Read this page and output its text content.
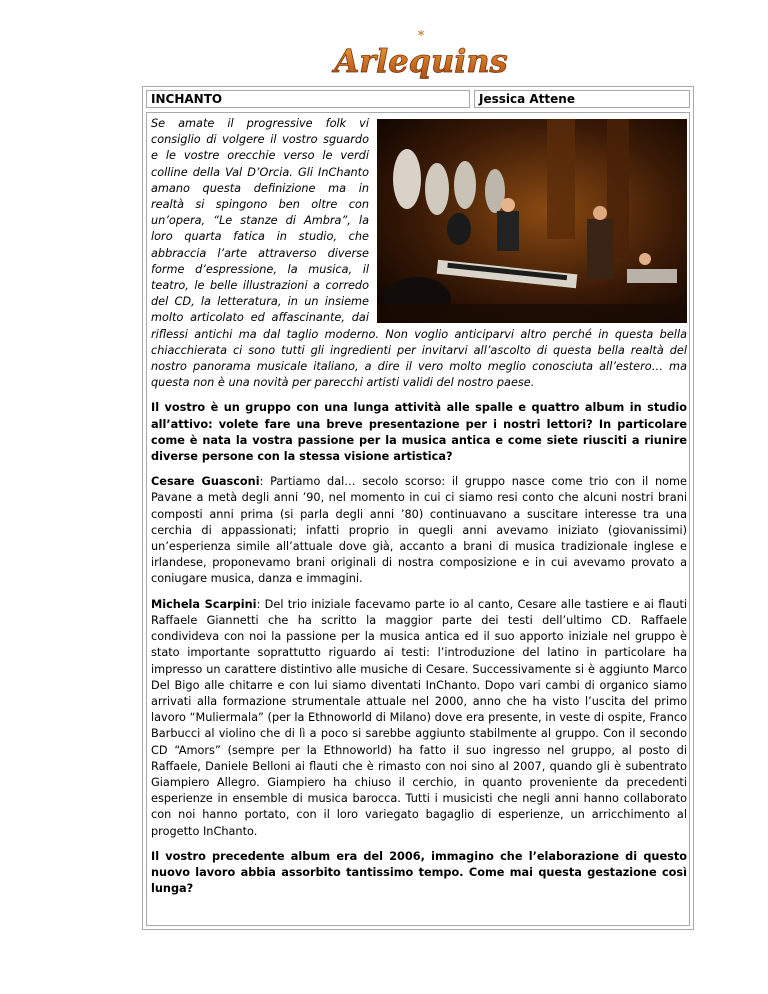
*
Arlequins
INCHANTO	Jessica Attene

Se amate il progressive folk vi consiglio di volgere il vostro sguardo e le vostre orecchie verso le verdi colline della Val D’Orcia. Gli InChanto amano questa definizione ma in realtà si spingono ben oltre con un’opera, “Le stanze di Ambra”, la loro quarta fatica in studio, che abbraccia l’arte attraverso diverse forme d’espressione, la musica, il teatro, le belle illustrazioni a corredo del CD, la letteratura, in un insieme molto articolato ed affascinante, dai riflessi antichi ma dal taglio moderno. Non voglio anticiparvi altro perché in questa bella chiacchierata ci sono tutti gli ingredienti per invitarvi all’ascolto di questa bella realtà del nostro panorama musicale italiano, a dire il vero molto meglio conosciuta all’estero… ma questa non è una novità per parecchi artisti validi del nostro paese.

Il vostro è un gruppo con una lunga attività alle spalle e quattro album in studio all’attivo: volete fare una breve presentazione per i nostri lettori? In particolare come è nata la vostra passione per la musica antica e come siete riusciti a riunire diverse persone con la stessa visione artistica?

Cesare Guasconi: Partiamo dal… secolo scorso: il gruppo nasce come trio con il nome Pavane a metà degli anni ’90, nel momento in cui ci siamo resi conto che alcuni nostri brani composti anni prima (si parla degli anni ’80) continuavano a suscitare interesse tra una cerchia di appassionati; infatti proprio in quegli anni avevamo iniziato (giovanissimi) un’esperienza simile all’attuale dove già, accanto a brani di musica tradizionale inglese e irlandese, proponevamo brani originali di nostra composizione e in cui avevamo provato a coniugare musica, danza e immagini.

Michela Scarpini: Del trio iniziale facevamo parte io al canto, Cesare alle tastiere e ai flauti Raffaele Giannetti che ha scritto la maggior parte dei testi dell’ultimo CD. Raffaele condivideva con noi la passione per la musica antica ed il suo apporto iniziale nel gruppo è stato importante soprattutto riguardo ai testi: l’introduzione del latino in particolare ha impresso un carattere distintivo alle musiche di Cesare. Successivamente si è aggiunto Marco Del Bigo alle chitarre e con lui siamo diventati InChanto. Dopo vari cambi di organico siamo arrivati alla formazione strumentale attuale nel 2000, anno che ha visto l’uscita del primo lavoro “Muliermala” (per la Ethnoworld di Milano) dove era presente, in veste di ospite, Franco Barbucci al violino che di lì a poco si sarebbe aggiunto stabilmente al gruppo. Con il secondo CD “Amors” (sempre per la Ethnoworld) ha fatto il suo ingresso nel gruppo, al posto di Raffaele, Daniele Belloni ai flauti che è rimasto con noi sino al 2007, quando gli è subentrato Giampiero Allegro. Giampiero ha chiuso il cerchio, in quanto proveniente da precedenti esperienze in ensemble di musica barocca. Tutti i musicisti che negli anni hanno collaborato con noi hanno portato, con il loro variegato bagaglio di esperienze, un arricchimento al progetto InChanto.

Il vostro precedente album era del 2006, immagino che l’elaborazione di questo nuovo lavoro abbia assorbito tantissimo tempo. Come mai questa gestazione così lunga?
